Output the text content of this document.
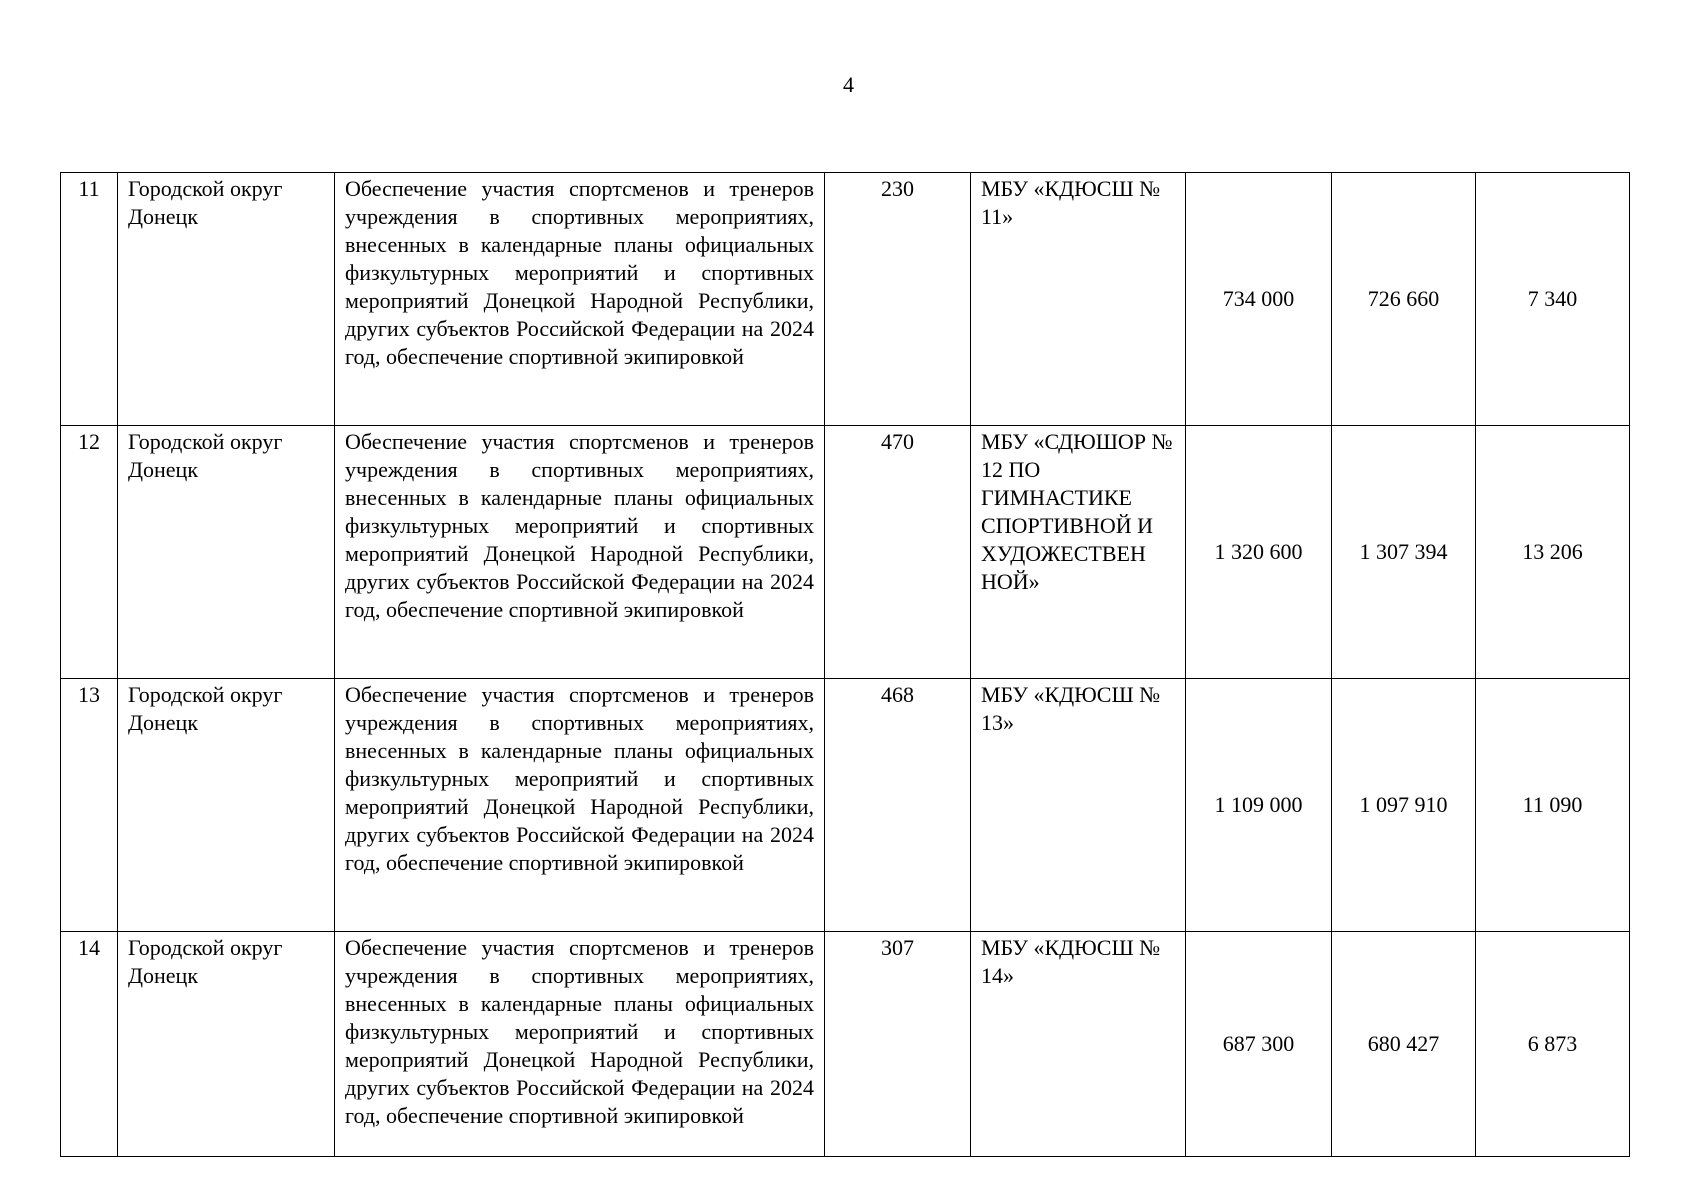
4
11	Городской округ Донецк	Обеспечение участия спортсменов и тренеров учреждения в спортивных мероприятиях, внесенных в календарные планы официальных физкультурных мероприятий и спортивных мероприятий Донецкой Народной Республики, других субъектов Российской Федерации на 2024 год, обеспечение спортивной экипировкой	230	МБУ «КДЮСШ № 11»	734 000	726 660	7 340
12	Городской округ Донецк	Обеспечение участия спортсменов и тренеров учреждения в спортивных мероприятиях, внесенных в календарные планы официальных физкультурных мероприятий и спортивных мероприятий Донецкой Народной Республики, других субъектов Российской Федерации на 2024 год, обеспечение спортивной экипировкой	470	МБУ «СДЮШОР № 12 ПО ГИМНАСТИКЕ СПОРТИВНОЙ И ХУДОЖЕСТВЕН НОЙ»	1 320 600	1 307 394	13 206
13	Городской округ Донецк	Обеспечение участия спортсменов и тренеров учреждения в спортивных мероприятиях, внесенных в календарные планы официальных физкультурных мероприятий и спортивных мероприятий Донецкой Народной Республики, других субъектов Российской Федерации на 2024 год, обеспечение спортивной экипировкой	468	МБУ «КДЮСШ № 13»	1 109 000	1 097 910	11 090
14	Городской округ Донецк	Обеспечение участия спортсменов и тренеров учреждения в спортивных мероприятиях, внесенных в календарные планы официальных физкультурных мероприятий и спортивных мероприятий Донецкой Народной Республики, других субъектов Российской Федерации на 2024 год, обеспечение спортивной экипировкой	307	МБУ «КДЮСШ № 14»	687 300	680 427	6 873
